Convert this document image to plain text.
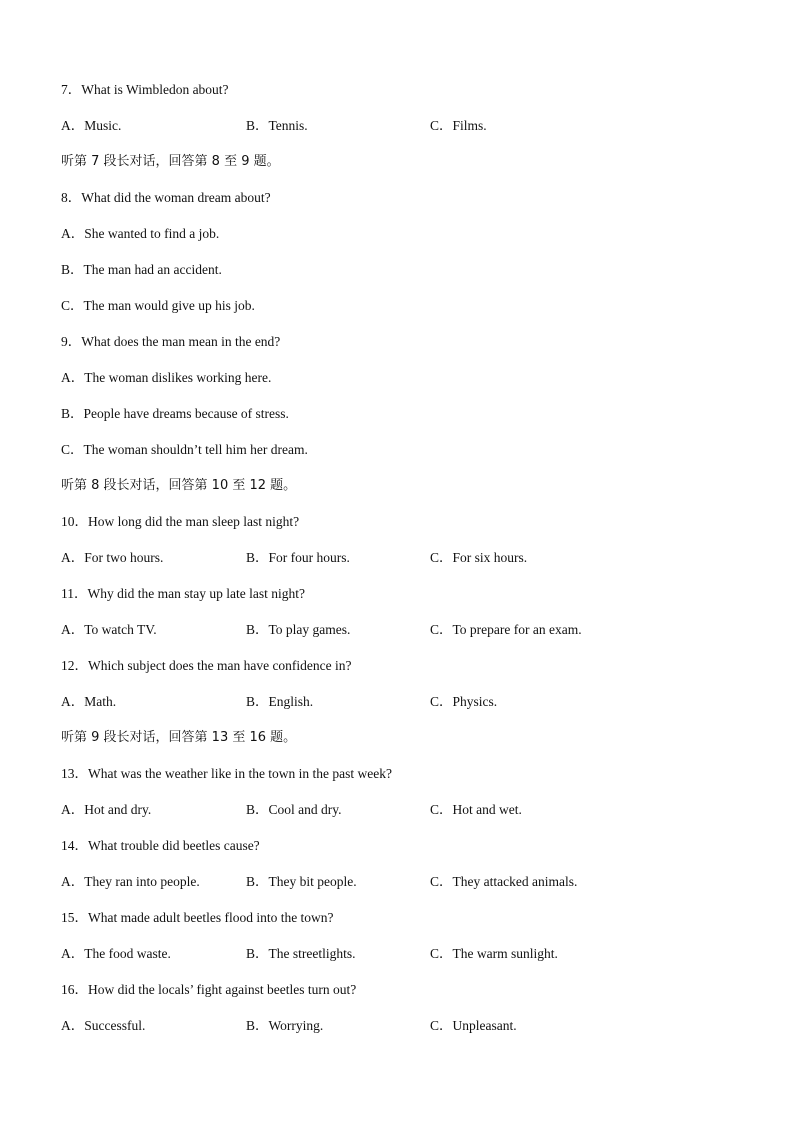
7．What is Wimbledon about?
A．Music.	B．Tennis.	C．Films.
听第 7 段长对话，回答第 8 至 9 题。
8．What did the woman dream about?
A．She wanted to find a job.
B．The man had an accident.
C．The man would give up his job.
9．What does the man mean in the end?
A．The woman dislikes working here.
B．People have dreams because of stress.
C．The woman shouldn’t tell him her dream.
听第 8 段长对话，回答第 10 至 12 题。
10．How long did the man sleep last night?
A．For two hours.	B．For four hours.	C．For six hours.
11．Why did the man stay up late last night?
A．To watch TV.	B．To play games.	C．To prepare for an exam.
12．Which subject does the man have confidence in?
A．Math.	B．English.	C．Physics.
听第 9 段长对话，回答第 13 至 16 题。
13．What was the weather like in the town in the past week?
A．Hot and dry.	B．Cool and dry.	C．Hot and wet.
14．What trouble did beetles cause?
A．They ran into people.	B．They bit people.	C．They attacked animals.
15．What made adult beetles flood into the town?
A．The food waste.	B．The streetlights.	C．The warm sunlight.
16．How did the locals’ fight against beetles turn out?
A．Successful.	B．Worrying.	C．Unpleasant.
